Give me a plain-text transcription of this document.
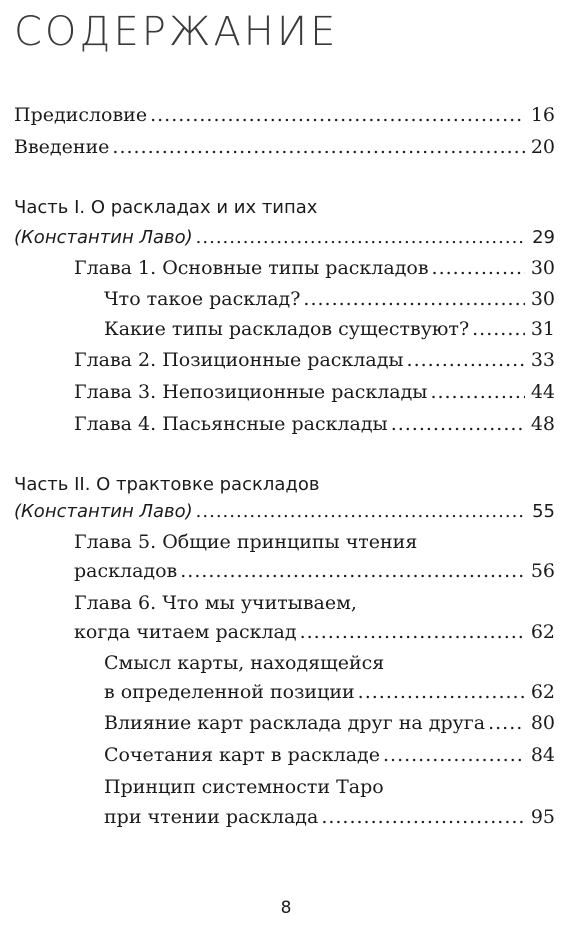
СОДЕРЖАНИЕ
Предисловие .....	16
Введение .....	20
Часть I. О раскладах и их типах
(Константин Лаво) .....	29
Глава 1. Основные типы раскладов .....	30
Что такое расклад? .....	30
Какие типы раскладов существуют? .....	31
Глава 2. Позиционные расклады .....	33
Глава 3. Непозиционные расклады .....	44
Глава 4. Пасьянсные расклады .....	48
Часть II. О трактовке раскладов
(Константин Лаво) .....	55
Глава 5. Общие принципы чтения
раскладов .....	56
Глава 6. Что мы учитываем,
когда читаем расклад .....	62
Смысл карты, находящейся
в определенной позиции .....	62
Влияние карт расклада друг на друга ..... 80
Сочетания карт в раскладе .....	84
Принцип системности Таро
при чтении расклада .....	95
8
